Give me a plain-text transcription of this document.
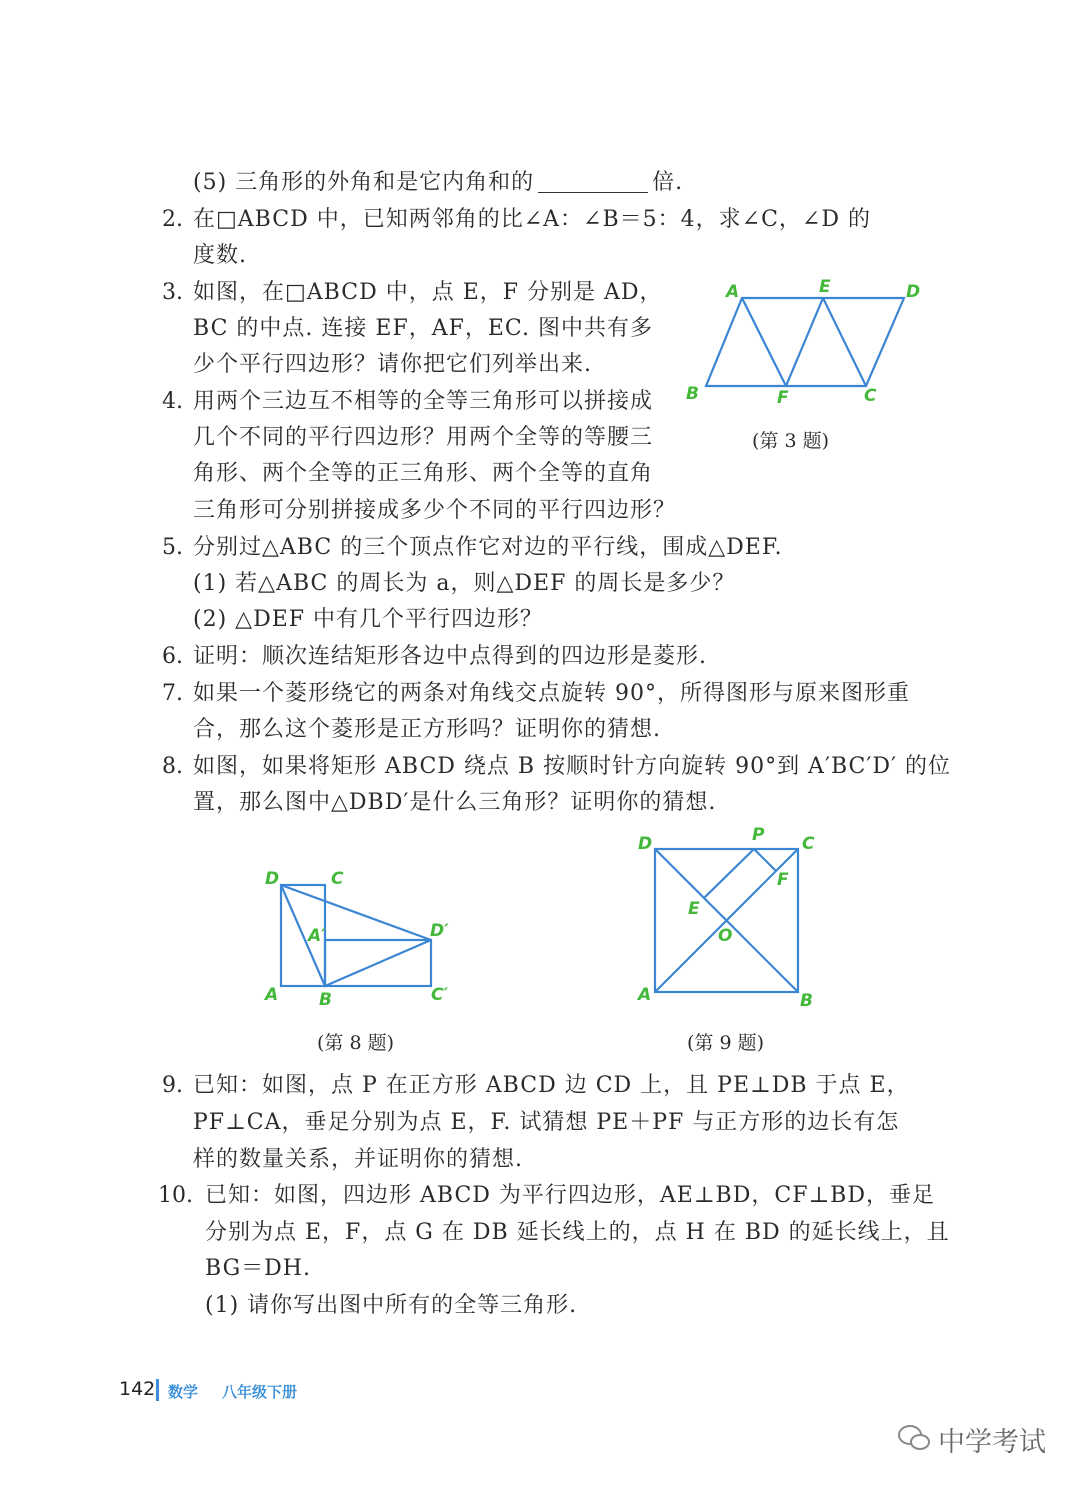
(5) 三角形的外角和是它内角和的	倍.
2. 在□ABCD 中，已知两邻角的比∠A：∠B＝5：4，求∠C，∠D 的
度数.
3. 如图，在□ABCD 中，点 E，F 分别是 AD，
BC 的中点. 连接 EF，AF，EC. 图中共有多
少个平行四边形？请你把它们列举出来.
4. 用两个三边互不相等的全等三角形可以拼接成
几个不同的平行四边形？用两个全等的等腰三
角形、两个全等的正三角形、两个全等的直角
三角形可分别拼接成多少个不同的平行四边形？
5. 分别过△ABC 的三个顶点作它对边的平行线，围成△DEF.
(1) 若△ABC 的周长为 a，则△DEF 的周长是多少？
(2) △DEF 中有几个平行四边形？
6. 证明：顺次连结矩形各边中点得到的四边形是菱形.
7. 如果一个菱形绕它的两条对角线交点旋转 90°，所得图形与原来图形重
合，那么这个菱形是正方形吗？证明你的猜想.
8. 如图，如果将矩形 ABCD 绕点 B 按顺时针方向旋转 90°到 A′BC′D′ 的位
置，那么图中△DBD′是什么三角形？证明你的猜想.
9. 已知：如图，点 P 在正方形 ABCD 边 CD 上，且 PE⊥DB 于点 E，
PF⊥CA，垂足分别为点 E，F. 试猜想 PE＋PF 与正方形的边长有怎
样的数量关系，并证明你的猜想.
10. 已知：如图，四边形 ABCD 为平行四边形，AE⊥BD，CF⊥BD，垂足
分别为点 E，F，点 G 在 DB 延长线上的，点 H 在 BD 的延长线上，且
BG＝DH.
(1) 请你写出图中所有的全等三角形.
A	E	D
B	F	C
D	C
A′	D′
A B	C′
D	P C
F
E
O
A	B
(第 3 题)
(第 8 题)	(第 9 题)
142 数学 八年级下册
中学考试
